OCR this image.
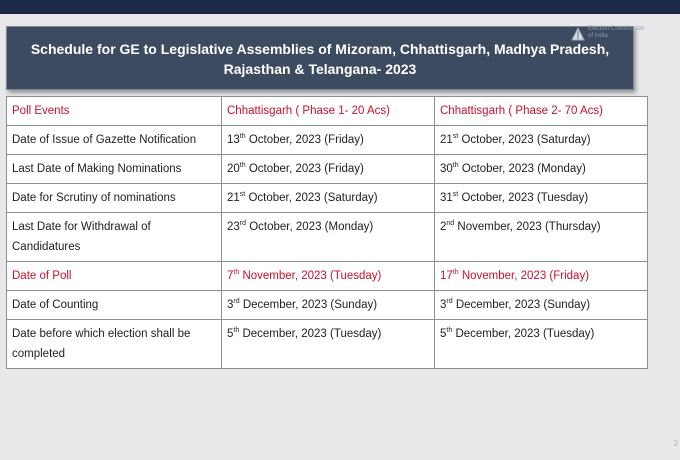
Schedule for GE to Legislative Assemblies of Mizoram, Chhattisgarh, Madhya Pradesh,
Rajasthan & Telangana- 2023
Election Commission
of India
Poll Events	Chhattisgarh ( Phase 1- 20 Acs)	Chhattisgarh ( Phase 2- 70 Acs)
Date of Issue of Gazette Notification	13th October, 2023 (Friday)	21st October, 2023 (Saturday)
Last Date of Making Nominations	20th October, 2023 (Friday)	30th October, 2023 (Monday)
Date for Scrutiny of nominations	21st October, 2023 (Saturday)	31st October, 2023 (Tuesday)
Last Date for Withdrawal of Candidatures	23rd October, 2023 (Monday)	2nd November, 2023 (Thursday)
Date of Poll	7th November, 2023 (Tuesday)	17th November, 2023 (Friday)
Date of Counting	3rd December, 2023 (Sunday)	3rd December, 2023 (Sunday)
Date before which election shall be completed	5th December, 2023 (Tuesday)	5th December, 2023 (Tuesday)
2
